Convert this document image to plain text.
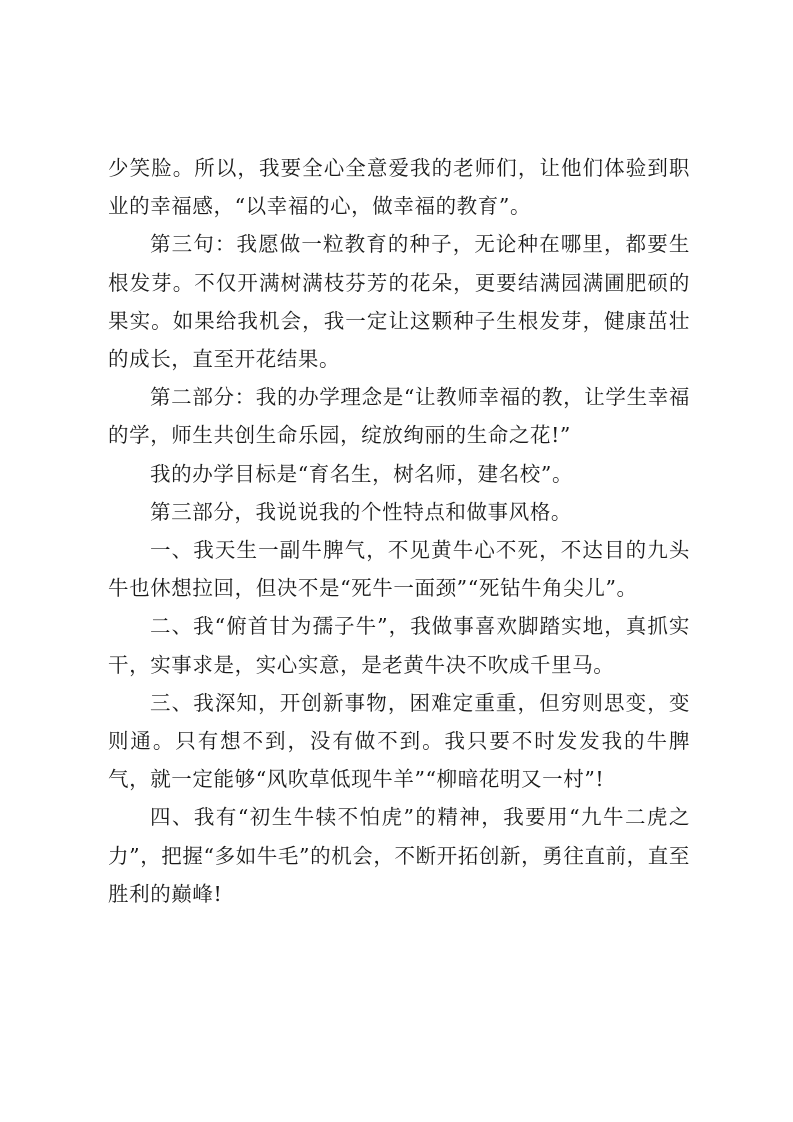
少笑脸。所以，我要全心全意爱我的老师们，让他们体验到职业的幸福感，“以幸福的心，做幸福的教育”。

第三句：我愿做一粒教育的种子，无论种在哪里，都要生根发芽。不仅开满树满枝芬芳的花朵，更要结满园满圃肥硕的果实。如果给我机会，我一定让这颗种子生根发芽，健康茁壮的成长，直至开花结果。

第二部分：我的办学理念是“让教师幸福的教，让学生幸福的学，师生共创生命乐园，绽放绚丽的生命之花!”

我的办学目标是“育名生，树名师，建名校”。

第三部分，我说说我的个性特点和做事风格。

一、我天生一副牛脾气，不见黄牛心不死，不达目的九头牛也休想拉回，但决不是“死牛一面颈”“死钻牛角尖儿”。

二、我“俯首甘为孺子牛”，我做事喜欢脚踏实地，真抓实干，实事求是，实心实意，是老黄牛决不吹成千里马。

三、我深知，开创新事物，困难定重重，但穷则思变，变则通。只有想不到，没有做不到。我只要不时发发我的牛脾气，就一定能够“风吹草低现牛羊”“柳暗花明又一村”!

四、我有“初生牛犊不怕虎”的精神，我要用“九牛二虎之力”，把握“多如牛毛”的机会，不断开拓创新，勇往直前，直至胜利的巅峰!
